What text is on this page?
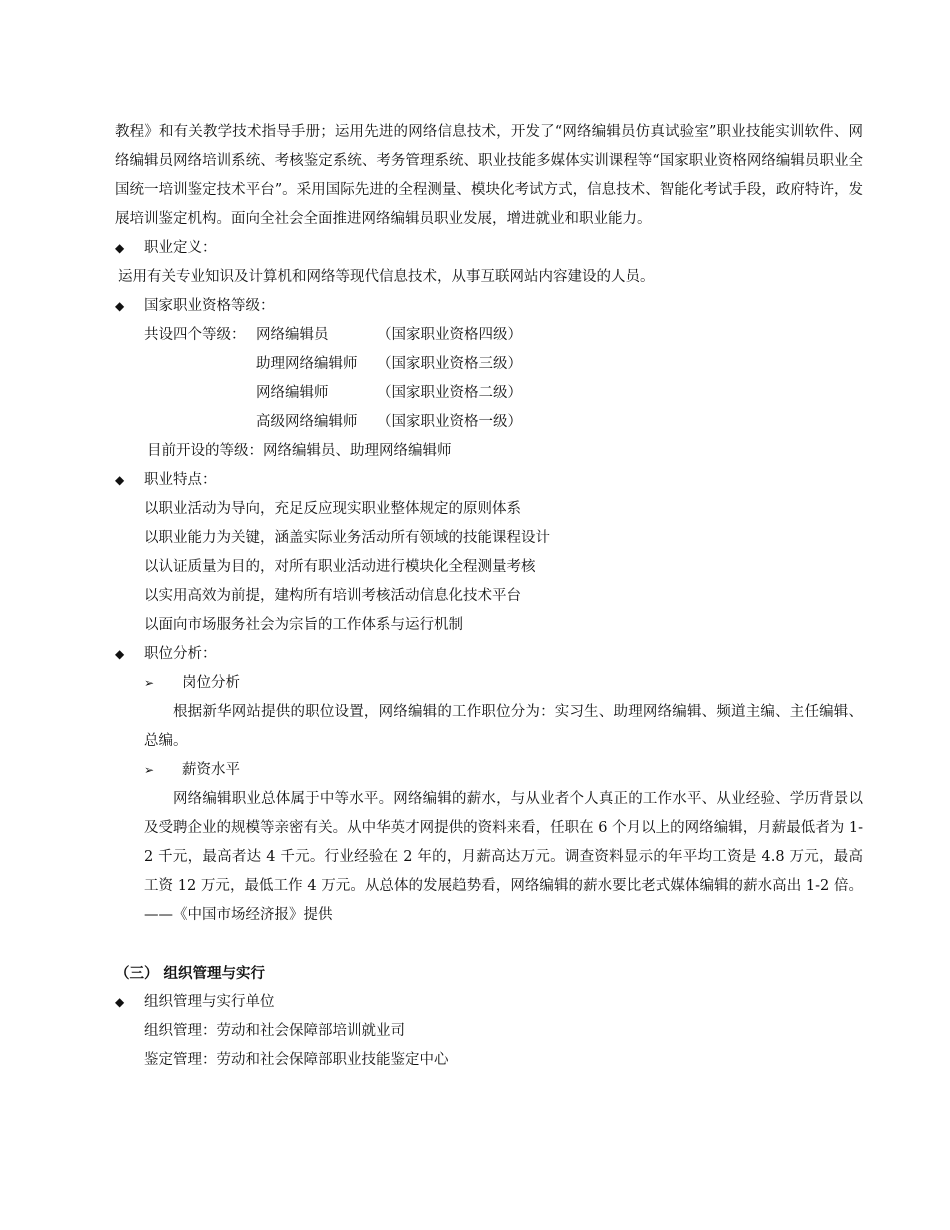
教程》和有关教学技术指导手册；运用先进的网络信息技术，开发了“网络编辑员仿真试验室”职业技能实训软件、网络编辑员网络培训系统、考核鉴定系统、考务管理系统、职业技能多媒体实训课程等“国家职业资格网络编辑员职业全国统一培训鉴定技术平台”。采用国际先进的全程测量、模块化考试方式，信息技术、智能化考试手段，政府特许，发展培训鉴定机构。面向全社会全面推进网络编辑员职业发展，增进就业和职业能力。

◆	职业定义：
运用有关专业知识及计算机和网络等现代信息技术，从事互联网站内容建设的人员。
◆	国家职业资格等级：
共设四个等级： 网络编辑员	（国家职业资格四级）
助理网络编辑师	（国家职业资格三级）
网络编辑师	（国家职业资格二级）
高级网络编辑师	（国家职业资格一级）
目前开设的等级：网络编辑员、助理网络编辑师
◆	职业特点：
以职业活动为导向，充足反应现实职业整体规定的原则体系
以职业能力为关键，涵盖实际业务活动所有领域的技能课程设计
以认证质量为目的，对所有职业活动进行模块化全程测量考核
以实用高效为前提，建构所有培训考核活动信息化技术平台
以面向市场服务社会为宗旨的工作体系与运行机制
◆	职位分析：
➢ 岗位分析

根据新华网站提供的职位设置，网络编辑的工作职位分为：实习生、助理网络编辑、频道主编、主任编辑、总编。

➢ 薪资水平

网络编辑职业总体属于中等水平。网络编辑的薪水，与从业者个人真正的工作水平、从业经验、学历背景以及受聘企业的规模等亲密有关。从中华英才网提供的资料来看，任职在 6 个月以上的网络编辑，月薪最低者为 1-2 千元，最高者达 4 千元。行业经验在 2 年的，月薪高达万元。调查资料显示的年平均工资是 4.8 万元，最高工资 12 万元，最低工作 4 万元。从总体的发展趋势看，网络编辑的薪水要比老式媒体编辑的薪水高出 1-2 倍。——《中国市场经济报》提供

（三） 组织管理与实行
◆	组织管理与实行单位
组织管理：劳动和社会保障部培训就业司
鉴定管理：劳动和社会保障部职业技能鉴定中心
